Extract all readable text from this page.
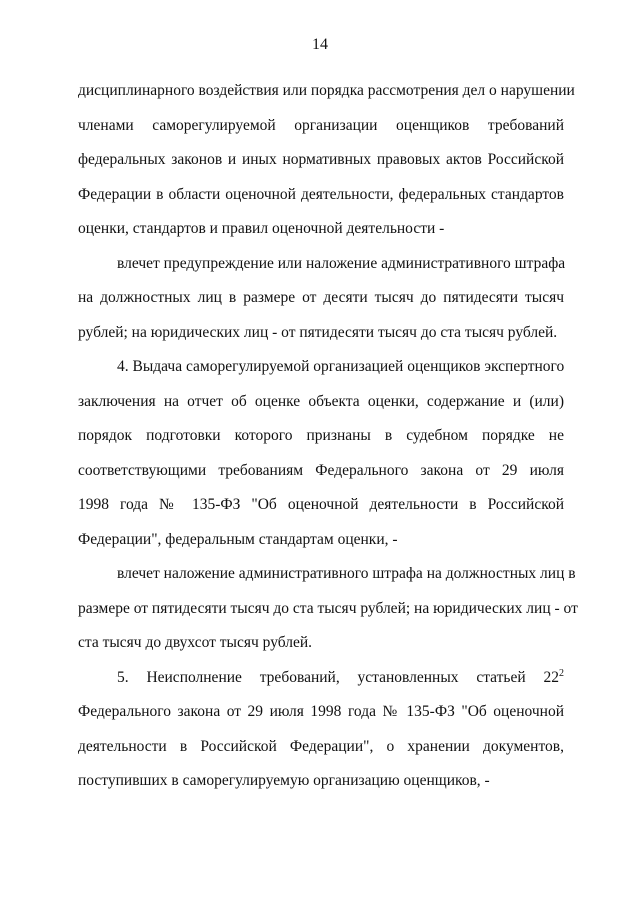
14
дисциплинарного воздействия или порядка рассмотрения дел о нарушении
членами саморегулируемой организации оценщиков требований
федеральных законов и иных нормативных правовых актов Российской
Федерации в области оценочной деятельности, федеральных стандартов
оценки, стандартов и правил оценочной деятельности -
влечет предупреждение или наложение административного штрафа
на должностных лиц в размере от десяти тысяч до пятидесяти тысяч
рублей; на юридических лиц - от пятидесяти тысяч до ста тысяч рублей.
4. Выдача саморегулируемой организацией оценщиков экспертного
заключения на отчет об оценке объекта оценки, содержание и (или)
порядок подготовки которого признаны в судебном порядке не
соответствующими требованиям Федерального закона от 29 июля
1998 года № 135-ФЗ "Об оценочной деятельности в Российской
Федерации", федеральным стандартам оценки, -
влечет наложение административного штрафа на должностных лиц в
размере от пятидесяти тысяч до ста тысяч рублей; на юридических лиц - от
ста тысяч до двухсот тысяч рублей.
5. Неисполнение требований, установленных статьей $22^2$
Федерального закона от 29 июля 1998 года № 135-ФЗ "Об оценочной
деятельности в Российской Федерации", о хранении документов,
поступивших в саморегулируемую организацию оценщиков, -
